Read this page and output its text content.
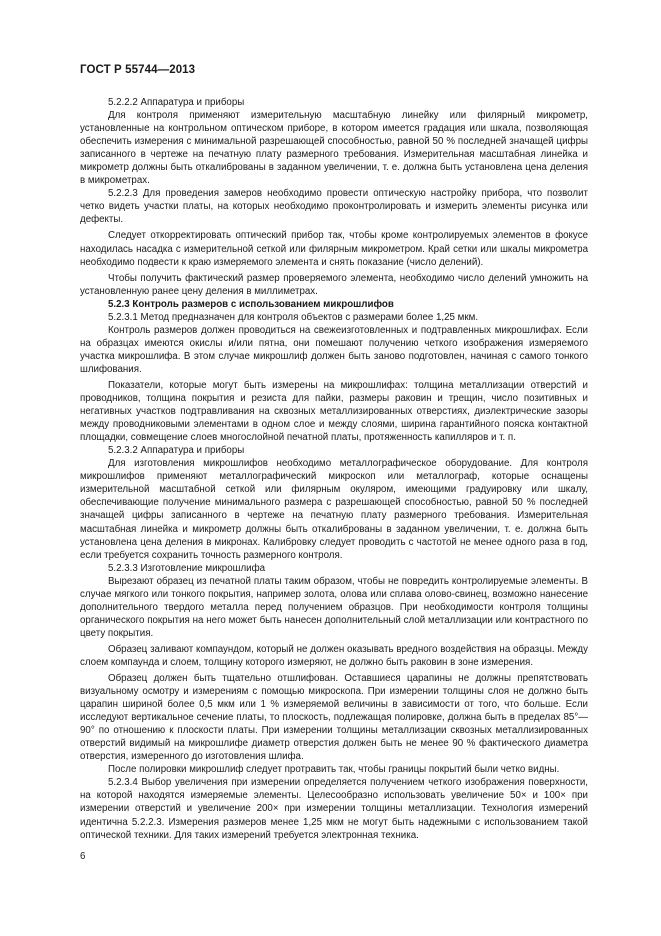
ГОСТ Р 55744—2013

5.2.2.2 Аппаратура и приборы

Для контроля применяют измерительную масштабную линейку или филярный микрометр, установленные на контрольном оптическом приборе, в котором имеется градация или шкала, позволяющая обеспечить измерения с минимальной разрешающей способностью, равной 50 % последней значащей цифры записанного в чертеже на печатную плату размерного требования. Измерительная масштабная линейка и микрометр должны быть откалиброваны в заданном увеличении, т. е. должна быть установлена цена деления в микрометрах.

5.2.2.3 Для проведения замеров необходимо провести оптическую настройку прибора, что позволит четко видеть участки платы, на которых необходимо проконтролировать и измерить элементы рисунка или дефекты.

Следует откорректировать оптический прибор так, чтобы кроме контролируемых элементов в фокусе находилась насадка с измерительной сеткой или филярным микрометром. Край сетки или шкалы микрометра необходимо подвести к краю измеряемого элемента и снять показание (число делений).

Чтобы получить фактический размер проверяемого элемента, необходимо число делений умножить на установленную ранее цену деления в миллиметрах.

5.2.3 Контроль размеров с использованием микрошлифов

5.2.3.1 Метод предназначен для контроля объектов с размерами более 1,25 мкм.

Контроль размеров должен проводиться на свежеизготовленных и подтравленных микрошлифах. Если на образцах имеются окислы и/или пятна, они помешают получению четкого изображения измеряемого участка микрошлифа. В этом случае микрошлиф должен быть заново подготовлен, начиная с самого тонкого шлифования.

Показатели, которые могут быть измерены на микрошлифах: толщина металлизации отверстий и проводников, толщина покрытия и резиста для пайки, размеры раковин и трещин, число позитивных и негативных участков подтравливания на сквозных металлизированных отверстиях, диэлектрические зазоры между проводниковыми элементами в одном слое и между слоями, ширина гарантийного пояска контактной площадки, совмещение слоев многослойной печатной платы, протяженность капилляров и т. п.

5.2.3.2 Аппаратура и приборы

Для изготовления микрошлифов необходимо металлографическое оборудование. Для контроля микрошлифов применяют металлографический микроскоп или металлограф, которые оснащены измерительной масштабной сеткой или филярным окуляром, имеющими градуировку или шкалу, обеспечивающие получение минимального размера с разрешающей способностью, равной 50 % последней значащей цифры записанного в чертеже на печатную плату размерного требования. Измерительная масштабная линейка и микрометр должны быть откалиброваны в заданном увеличении, т. е. должна быть установлена цена деления в микронах. Калибровку следует проводить с частотой не менее одного раза в год, если требуется сохранить точность размерного контроля.

5.2.3.3 Изготовление микрошлифа

Вырезают образец из печатной платы таким образом, чтобы не повредить контролируемые элементы. В случае мягкого или тонкого покрытия, например золота, олова или сплава олово-свинец, возможно нанесение дополнительного твердого металла перед получением образцов. При необходимости контроля толщины органического покрытия на него может быть нанесен дополнительный слой металлизации или контрастного по цвету покрытия.

Образец заливают компаундом, который не должен оказывать вредного воздействия на образцы. Между слоем компаунда и слоем, толщину которого измеряют, не должно быть раковин в зоне измерения.

Образец должен быть тщательно отшлифован. Оставшиеся царапины не должны препятствовать визуальному осмотру и измерениям с помощью микроскопа. При измерении толщины слоя не должно быть царапин шириной более 0,5 мкм или 1 % измеряемой величины в зависимости от того, что больше. Если исследуют вертикальное сечение платы, то плоскость, подлежащая полировке, должна быть в пределах 85°—90° по отношению к плоскости платы. При измерении толщины металлизации сквозных металлизированных отверстий видимый на микрошлифе диаметр отверстия должен быть не менее 90 % фактического диаметра отверстия, измеренного до изготовления шлифа.

После полировки микрошлиф следует протравить так, чтобы границы покрытий были четко видны.

5.2.3.4 Выбор увеличения при измерении определяется получением четкого изображения поверхности, на которой находятся измеряемые элементы. Целесообразно использовать увеличение 50× и 100× при измерении отверстий и увеличение 200× при измерении толщины металлизации. Технология измерений идентична 5.2.2.3. Измерения размеров менее 1,25 мкм не могут быть надежными с использованием такой оптической техники. Для таких измерений требуется электронная техника.

6
